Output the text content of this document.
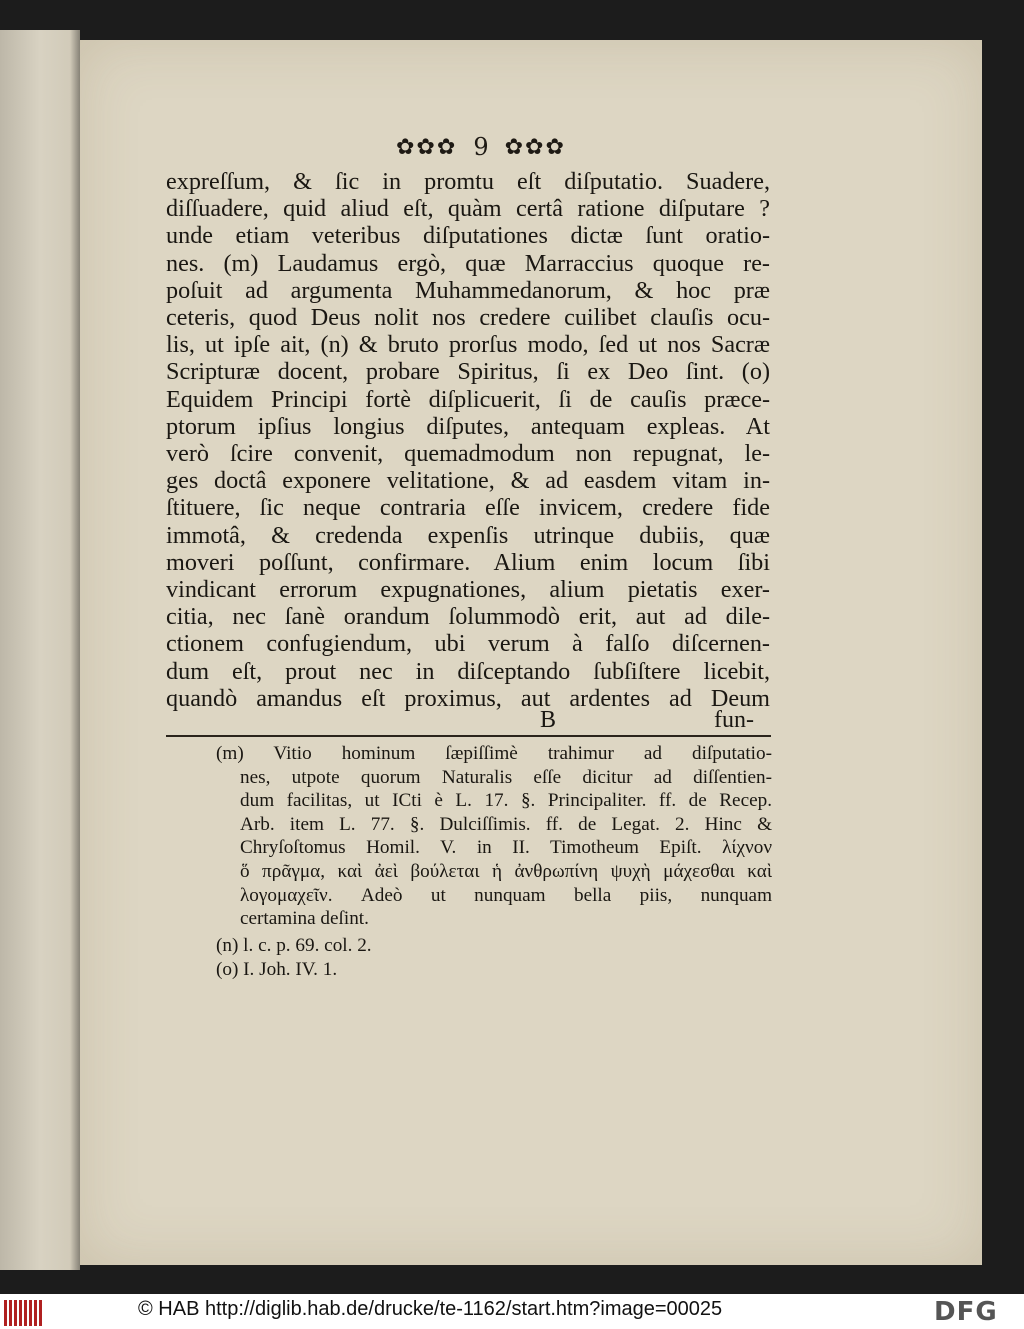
✿✿✿ 9 ✿✿✿
expreſſum, & ſic in promtu eſt diſputatio. Suadere,
diſſuadere, quid aliud eſt, quàm certâ ratione diſputare ?
unde etiam veteribus diſputationes dictæ ſunt oratio-
nes. (m) Laudamus ergò, quæ Marraccius quoque re-
poſuit ad argumenta Muhammedanorum, & hoc præ
ceteris, quod Deus nolit nos credere cuilibet clauſis ocu-
lis, ut ipſe ait, (n) & bruto prorſus modo, ſed ut nos Sacræ
Scripturæ docent, probare Spiritus, ſi ex Deo ſint. (o)
Equidem Principi fortè diſplicuerit, ſi de cauſis præce-
ptorum ipſius longius diſputes, antequam expleas. At
verò ſcire convenit, quemadmodum non repugnat, le-
ges doctâ exponere velitatione, & ad easdem vitam in-
ſtituere, ſic neque contraria eſſe invicem, credere fide
immotâ, & credenda expenſis utrinque dubiis, quæ
moveri poſſunt, confirmare. Alium enim locum ſibi
vindicant errorum expugnationes, alium pietatis exer-
citia, nec ſanè orandum ſolummodò erit, aut ad dile-
ctionem confugiendum, ubi verum à falſo diſcernen-
dum eſt, prout nec in diſceptando ſubſiſtere licebit,
quandò amandus eſt proximus, aut ardentes ad Deum
B	fun-
(m) Vitio hominum ſæpiſſimè trahimur ad diſputatio-
nes, utpote quorum Naturalis eſſe dicitur ad diſſentien-
dum facilitas, ut ICti è L. 17. §. Principaliter. ff. de Recep.
Arb. item L. 77. §. Dulciſſimis. ff. de Legat. 2. Hinc &
Chryſoſtomus Homil. V. in II. Timotheum Epiſt. λίχνον
ὅ πρᾶγμα, καὶ ἀεὶ βούλεται ἡ ἀνθρωπίνη ψυχὴ μάχεσθαι καὶ
λογομαχεῖν. Adeò ut nunquam bella piis, nunquam
certamina deſint.
(n) l. c. p. 69. col. 2.
(o) I. Joh. IV. 1.
© HAB http://diglib.hab.de/drucke/te-1162/start.htm?image=00025	DFG
